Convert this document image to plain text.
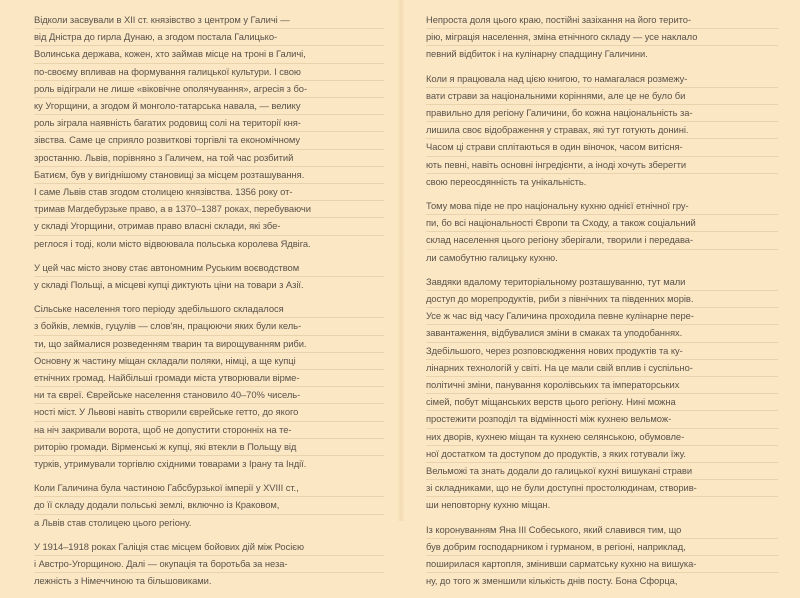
Відколи засвували в XII ст. князівство з центром у Галичі —
від Дністра до гирла Дунаю, а згодом постала Галицько-
Волинська держава, кожен, хто займав місце на троні в Галичі,
по-своєму впливав на формування галицької культури. І свою
роль відіграли не лише «віковічне ополячування», агресія з бо-
ку Угорщини, а згодом й монголо-татарська навала, — велику
роль зіграла наявність багатих родовищ солі на території кня-
зівства. Саме це сприяло розвиткові торгівлі та економічному
зростанню. Львів, порівняно з Галичем, на той час розбитий
Батиєм, був у вигіднішому становищі за місцем розташування.
І саме Львів став згодом столицею князівства. 1356 року от-
тримав Магдебурзьке право, а в 1370–1387 роках, перебуваючи
у складі Угорщини, отримав право власні склади, які збе-
реглося і тоді, коли місто відвоювала польська королева Ядвіга.
У цей час місто знову стає автономним Руським воєводством
у складі Польщі, а місцеві купці диктують ціни на товари з Азії.
Сільське населення того періоду здебільшого складалося
з бойків, лемків, гуцулів — слов'ян, працюючи яких були кель-
ти, що займалися розведенням тварин та вирощуванням риби.
Основну ж частину міщан складали поляки, німці, а ще купці
етнічних громад. Найбільші громади міста утворювали вірме-
ни та євреї. Єврейське населення становило 40–70% чисель-
ності міст. У Львові навіть створили єврейське гетто, до якого
на ніч закривали ворота, щоб не допустити сторонніх на те-
риторію громади. Вірменські ж купці, які втекли в Польщу від
турків, утримували торгівлю східними товарами з Ірану та Індії.
Коли Галичина була частиною Габсбурзької імперії у XVIII ст.,
до її складу додали польські землі, включно із Краковом,
а Львів став столицею цього регіону.
У 1914–1918 роках Галіція стає місцем бойових дій між Росією
і Австро-Угорщиною. Далі — окупація та боротьба за неза-
лежність з Німеччиною та більшовиками.
Непроста доля цього краю, постійні зазіхання на його терито-
рію, міграція населення, зміна етнічного складу — усе наклало
певний відбиток і на кулінарну спадщину Галичини.
Коли я працювала над цією книгою, то намагалася розмежу-
вати страви за національними коріннями, але це не було би
правильно для регіону Галичини, бо кожна національність за-
лишила своє відображення у стравах, які тут готують донині.
Часом ці страви сплітаються в один віночок, часом витісня-
ють певні, навіть основні інгредієнти, а іноді хочуть зберегти
свою переосдянність та унікальність.
Тому мова піде не про національну кухню однієї етнічної гру-
пи, бо всі національності Європи та Сходу, а також соціальний
склад населення цього регіону зберігали, творили і передава-
ли самобутню галицьку кухню.
Завдяки вдалому територіальному розташуванню, тут мали
доступ до морепродуктів, риби з північних та південних морів.
Усе ж час від часу Галичина проходила певне кулінарне пере-
завантаження, відбувалися зміни в смаках та уподобаннях.
Здебільшого, через розповсюдження нових продуктів та ку-
лінарних технологій у світі. На це мали свій вплив і суспільно-
політичні зміни, панування королівських та імператорських
сімей, побут міщанських верств цього регіону. Нині можна
простежити розподіл та відмінності між кухнею вельмож-
них дворів, кухнею міщан та кухнею селянською, обумовле-
ної достатком та доступом до продуктів, з яких готували їжу.
Вельможі та знать додали до галицької кухні вишукані страви
зі складниками, що не були доступні простолюдинам, створив-
ши неповторну кухню міщан.
Із коронуванням Яна III Собеського, який славився тим, що
був добрим господарником і гурманом, в регіоні, наприклад,
поширилася картопля, змінивши сарматську кухню на вишука-
ну, до того ж зменшили кількість днів посту. Бона Сфорца,
